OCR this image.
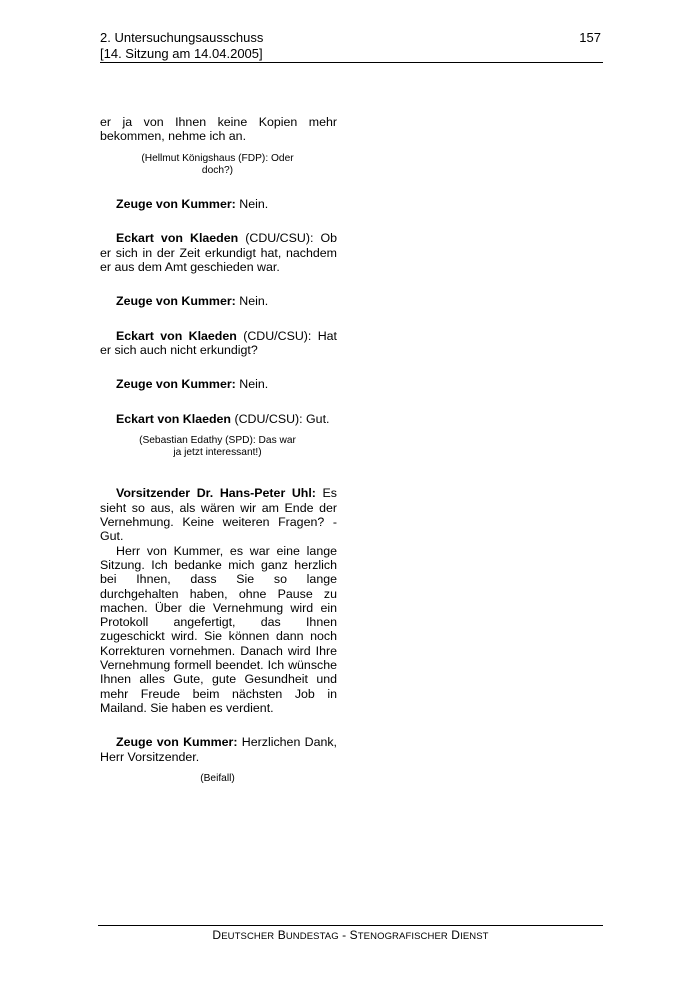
2. Untersuchungsausschuss
[14. Sitzung am 14.04.2005]
157

er ja von Ihnen keine Kopien mehr bekommen, nehme ich an.

(Hellmut Königshaus (FDP): Oder
doch?)

Zeuge von Kummer: Nein.

Eckart von Klaeden (CDU/CSU): Ob er sich in der Zeit erkundigt hat, nachdem er aus dem Amt geschieden war.

Zeuge von Kummer: Nein.

Eckart von Klaeden (CDU/CSU): Hat er sich auch nicht erkundigt?

Zeuge von Kummer: Nein.

Eckart von Klaeden (CDU/CSU): Gut.

(Sebastian Edathy (SPD): Das war
ja jetzt interessant!)

Vorsitzender Dr. Hans-Peter Uhl: Es sieht so aus, als wären wir am Ende der Vernehmung. Keine weiteren Fragen? - Gut.

Herr von Kummer, es war eine lange Sitzung. Ich bedanke mich ganz herzlich bei Ihnen, dass Sie so lange durchgehalten haben, ohne Pause zu machen. Über die Vernehmung wird ein Protokoll angefertigt, das Ihnen zugeschickt wird. Sie können dann noch Korrekturen vornehmen. Danach wird Ihre Vernehmung formell beendet. Ich wünsche Ihnen alles Gute, gute Gesundheit und mehr Freude beim nächsten Job in Mailand. Sie haben es verdient.

Zeuge von Kummer: Herzlichen Dank, Herr Vorsitzender.

(Beifall)
DEUTSCHER BUNDESTAG - STENOGRAFISCHER DIENST
